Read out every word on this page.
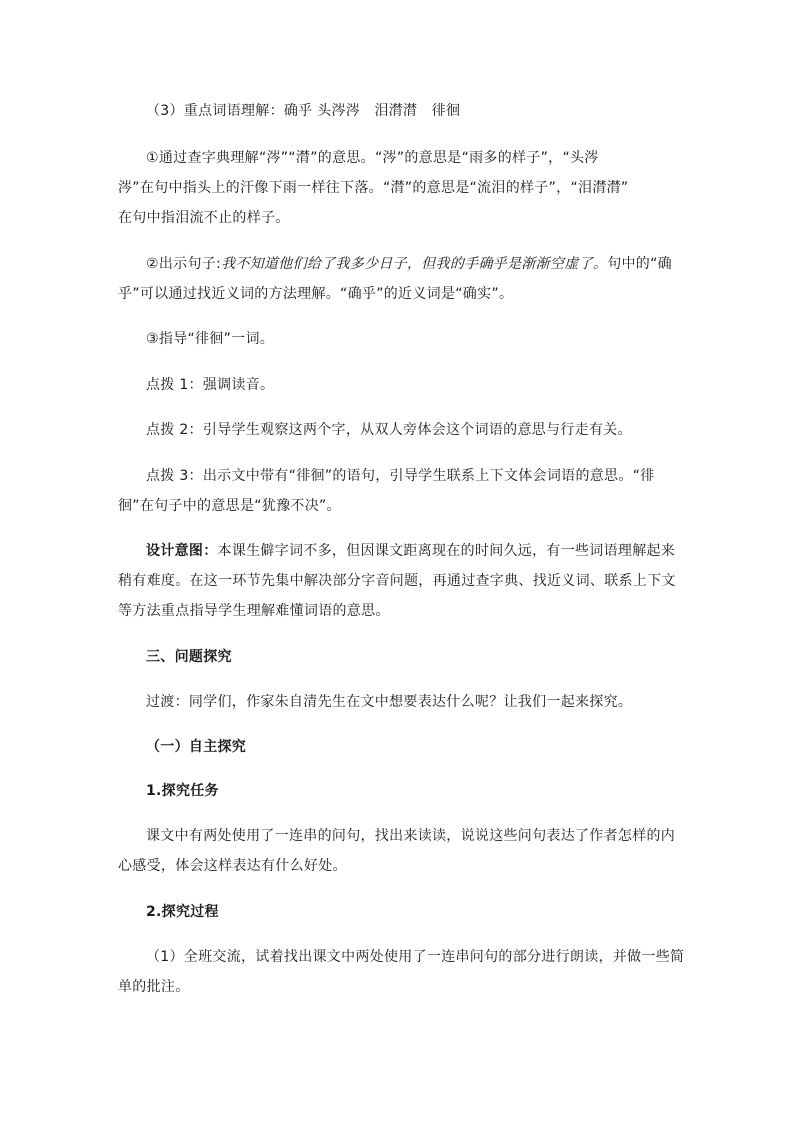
（3）重点词语理解：确乎 头涔涔　泪潸潸　徘徊
①通过查字典理解“涔”“潸”的意思。“涔”的意思是“雨多的样子”，“头涔
涔”在句中指头上的汗像下雨一样往下落。“潸”的意思是“流泪的样子”，“泪潸潸”
在句中指泪流不止的样子。
②出示句子:我不知道他们给了我多少日子，但我的手确乎是渐渐空虚了。句中的“确
乎”可以通过找近义词的方法理解。“确乎”的近义词是“确实”。
③指导“徘徊”一词。
点拨 1：强调读音。
点拨 2：引导学生观察这两个字，从双人旁体会这个词语的意思与行走有关。
点拨 3：出示文中带有“徘徊”的语句，引导学生联系上下文体会词语的意思。“徘
徊”在句子中的意思是“犹豫不决”。
设计意图：本课生僻字词不多，但因课文距离现在的时间久远，有一些词语理解起来
稍有难度。在这一环节先集中解决部分字音问题，再通过查字典、找近义词、联系上下文
等方法重点指导学生理解难懂词语的意思。
三、问题探究
过渡：同学们，作家朱自清先生在文中想要表达什么呢？让我们一起来探究。
（一）自主探究
1.探究任务
课文中有两处使用了一连串的问句，找出来读读，说说这些问句表达了作者怎样的内
心感受，体会这样表达有什么好处。
2.探究过程
（1）全班交流，试着找出课文中两处使用了一连串问句的部分进行朗读，并做一些简
单的批注。
